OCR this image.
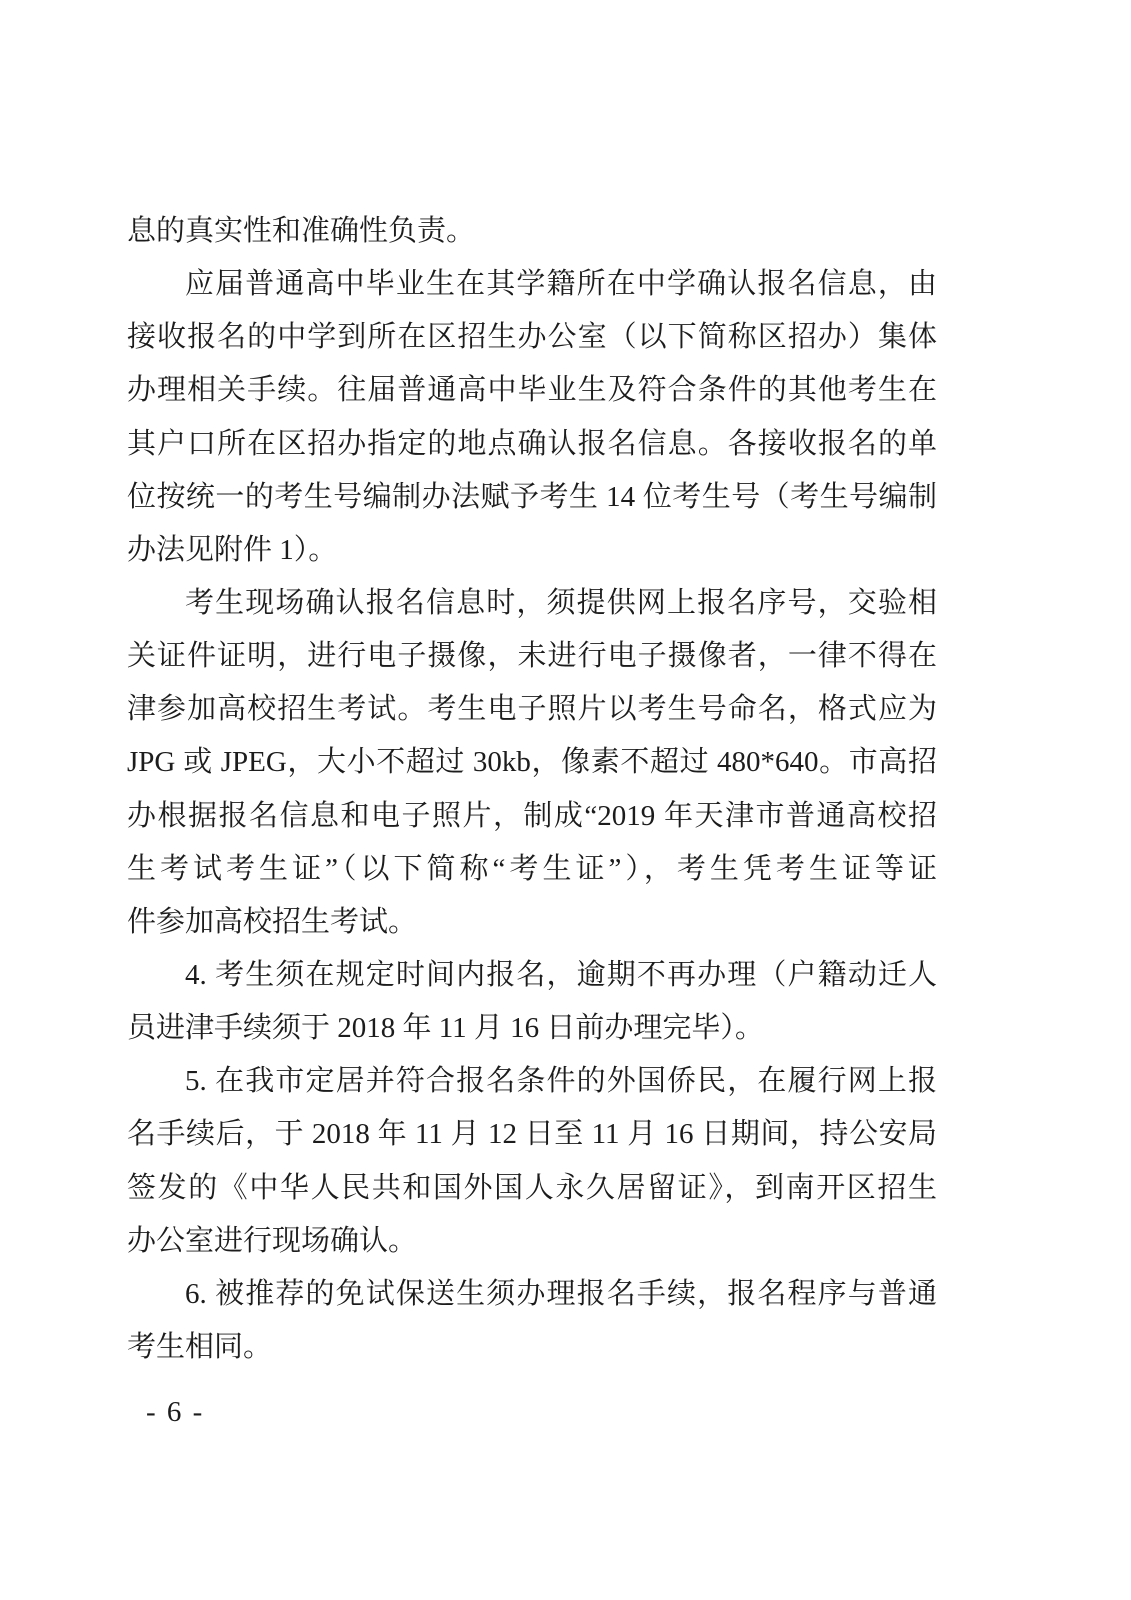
息的真实性和准确性负责。
应届普通高中毕业生在其学籍所在中学确认报名信息，由
接收报名的中学到所在区招生办公室（以下简称区招办）集体
办理相关手续。往届普通高中毕业生及符合条件的其他考生在
其户口所在区招办指定的地点确认报名信息。各接收报名的单
位按统一的考生号编制办法赋予考生 14 位考生号（考生号编制
办法见附件 1）。
考生现场确认报名信息时，须提供网上报名序号，交验相
关证件证明，进行电子摄像，未进行电子摄像者，一律不得在
津参加高校招生考试。考生电子照片以考生号命名，格式应为
JPG 或 JPEG，大小不超过 30kb，像素不超过 480*640。市高招
办根据报名信息和电子照片，制成“2019 年天津市普通高校招
生考试考生证”（以下简称“考生证”），考生凭考生证等证
件参加高校招生考试。
4. 考生须在规定时间内报名，逾期不再办理（户籍动迁人
员进津手续须于 2018 年 11 月 16 日前办理完毕）。
5. 在我市定居并符合报名条件的外国侨民，在履行网上报
名手续后，于 2018 年 11 月 12 日至 11 月 16 日期间，持公安局
签发的《中华人民共和国外国人永久居留证》，到南开区招生
办公室进行现场确认。
6. 被推荐的免试保送生须办理报名手续，报名程序与普通
考生相同。
- 6 -
